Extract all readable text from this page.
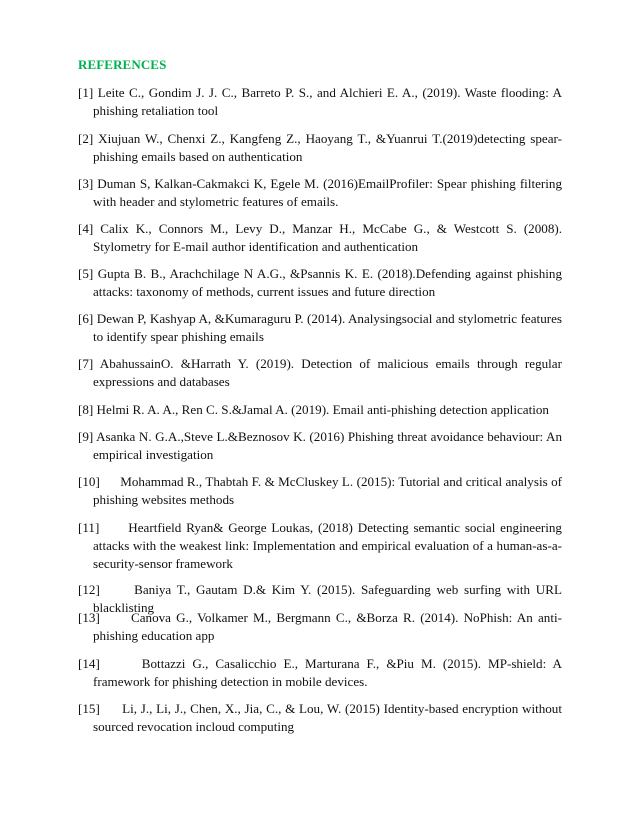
REFERENCES
[1] Leite C., Gondim J. J. C., Barreto P. S., and Alchieri E. A., (2019). Waste flooding: A phishing retaliation tool
[2] Xiujuan W., Chenxi Z., Kangfeng Z., Haoyang T., &Yuanrui T.(2019)detecting spear-phishing emails based on authentication
[3] Duman S, Kalkan-Cakmakci K, Egele M. (2016)EmailProfiler: Spear phishing filtering with header and stylometric features of emails.
[4] Calix K., Connors M., Levy D., Manzar H., McCabe G., & Westcott S. (2008). Stylometry for E-mail author identification and authentication
[5] Gupta B. B., Arachchilage N A.G., &Psannis K. E. (2018).Defending against phishing attacks: taxonomy of methods, current issues and future direction
[6] Dewan P, Kashyap A, &Kumaraguru P. (2014). Analysingsocial and stylometric features to identify spear phishing emails
[7] AbahussainO. &Harrath Y. (2019). Detection of malicious emails through regular expressions and databases
[8] Helmi R. A. A., Ren C. S.&Jamal A. (2019). Email anti-phishing detection application
[9] Asanka N. G.A.,Steve L.&Beznosov K. (2016) Phishing threat avoidance behaviour: An empirical investigation
[10]      Mohammad R., Thabtah F. & McCluskey L. (2015): Tutorial and critical analysis of phishing websites methods
[11]      Heartfield Ryan& George Loukas, (2018) Detecting semantic social engineering attacks with the weakest link: Implementation and empirical evaluation of a human-as-a-security-sensor framework
[12]      Baniya T., Gautam D.& Kim Y. (2015). Safeguarding web surfing with URL blacklisting
[13]      Canova G., Volkamer M., Bergmann C., &Borza R. (2014). NoPhish: An anti-phishing education app
[14]      Bottazzi G., Casalicchio E., Marturana F., &Piu M. (2015). MP-shield: A framework for phishing detection in mobile devices.
[15]      Li, J., Li, J., Chen, X., Jia, C., & Lou, W. (2015) Identity-based encryption without sourced revocation incloud computing
